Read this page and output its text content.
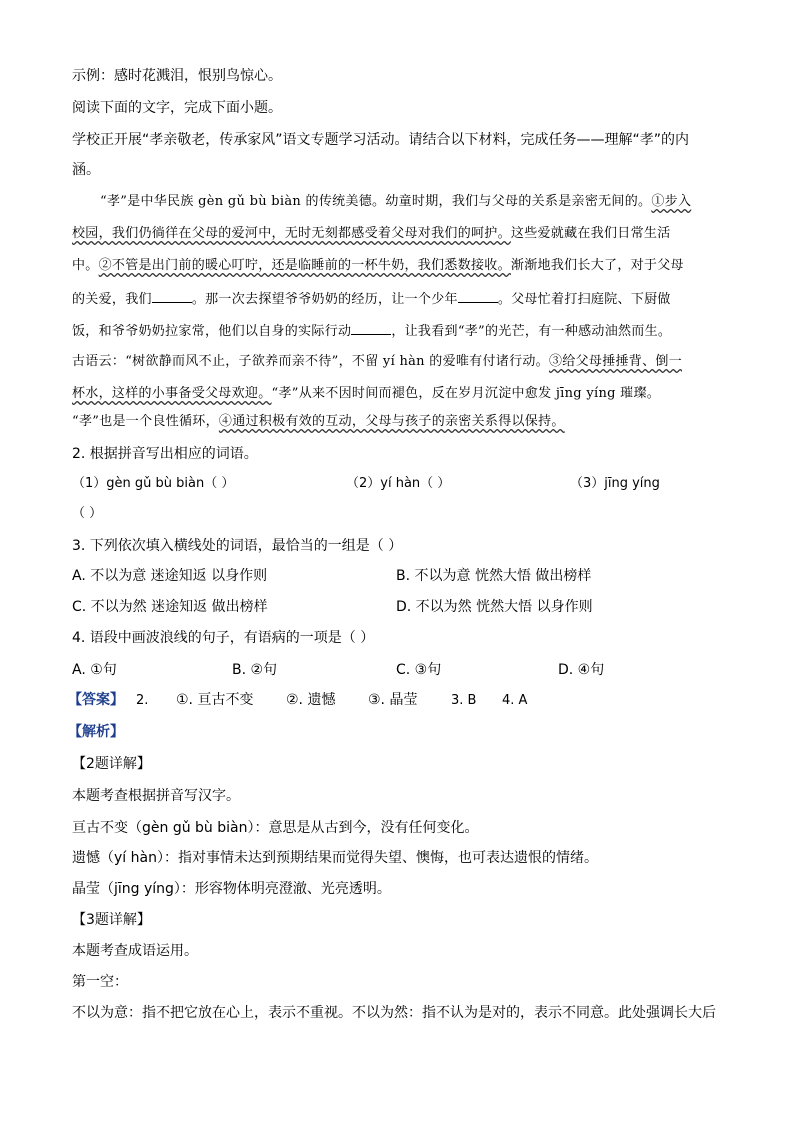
示例：感时花溅泪，恨别鸟惊心。
阅读下面的文字，完成下面小题。
学校正开展“孝亲敬老，传承家风”语文专题学习活动。请结合以下材料，完成任务——理解“孝”的内
涵。
“孝”是中华民族 gèn gǔ bù biàn 的传统美德。幼童时期，我们与父母的关系是亲密无间的。①步入
校园，我们仍徜徉在父母的爱河中，无时无刻都感受着父母对我们的呵护。这些爱就藏在我们日常生活
中。②不管是出门前的暖心叮咛，还是临睡前的一杯牛奶，我们悉数接收。渐渐地我们长大了，对于父母
的关爱，我们	。那一次去探望爷爷奶奶的经历，让一个少年	。父母忙着打扫庭院、下厨做
饭，和爷爷奶奶拉家常，他们以自身的实际行动	，让我看到“孝”的光芒，有一种感动油然而生。
古语云：“树欲静而风不止，子欲养而亲不待”，不留 yí hàn 的爱唯有付诸行动。③给父母捶捶背、倒一
杯水，这样的小事备受父母欢迎。“孝”从来不因时间而褪色，反在岁月沉淀中愈发 jīng yíng 璀璨。
“孝”也是一个良性循环，④通过积极有效的互动，父母与孩子的亲密关系得以保持。
2. 根据拼音写出相应的词语。
（1）gèn gǔ bù biàn（ ）	（2）yí hàn（ ）	（3）jīng yíng
（ ）
3. 下列依次填入横线处的词语，最恰当的一组是（ ）
A. 不以为意 迷途知返 以身作则	B. 不以为意 恍然大悟 做出榜样
C. 不以为然 迷途知返 做出榜样	D. 不以为然 恍然大悟 以身作则
4. 语段中画波浪线的句子，有语病的一项是（ ）
A. ①句	B. ②句	C. ③句	D. ④句
【答案】 2. ①. 亘古不变 ②. 遗憾 ③. 晶莹	3. B 4. A
【解析】
【2题详解】
本题考查根据拼音写汉字。
亘古不变（gèn gǔ bù biàn）：意思是从古到今，没有任何变化。
遗憾（yí hàn）：指对事情未达到预期结果而觉得失望、懊悔，也可表达遗恨的情绪。
晶莹（jīng yíng）：形容物体明亮澄澈、光亮透明。
【3题详解】
本题考查成语运用。
第一空：
不以为意：指不把它放在心上，表示不重视。不以为然：指不认为是对的，表示不同意。此处强调长大后
